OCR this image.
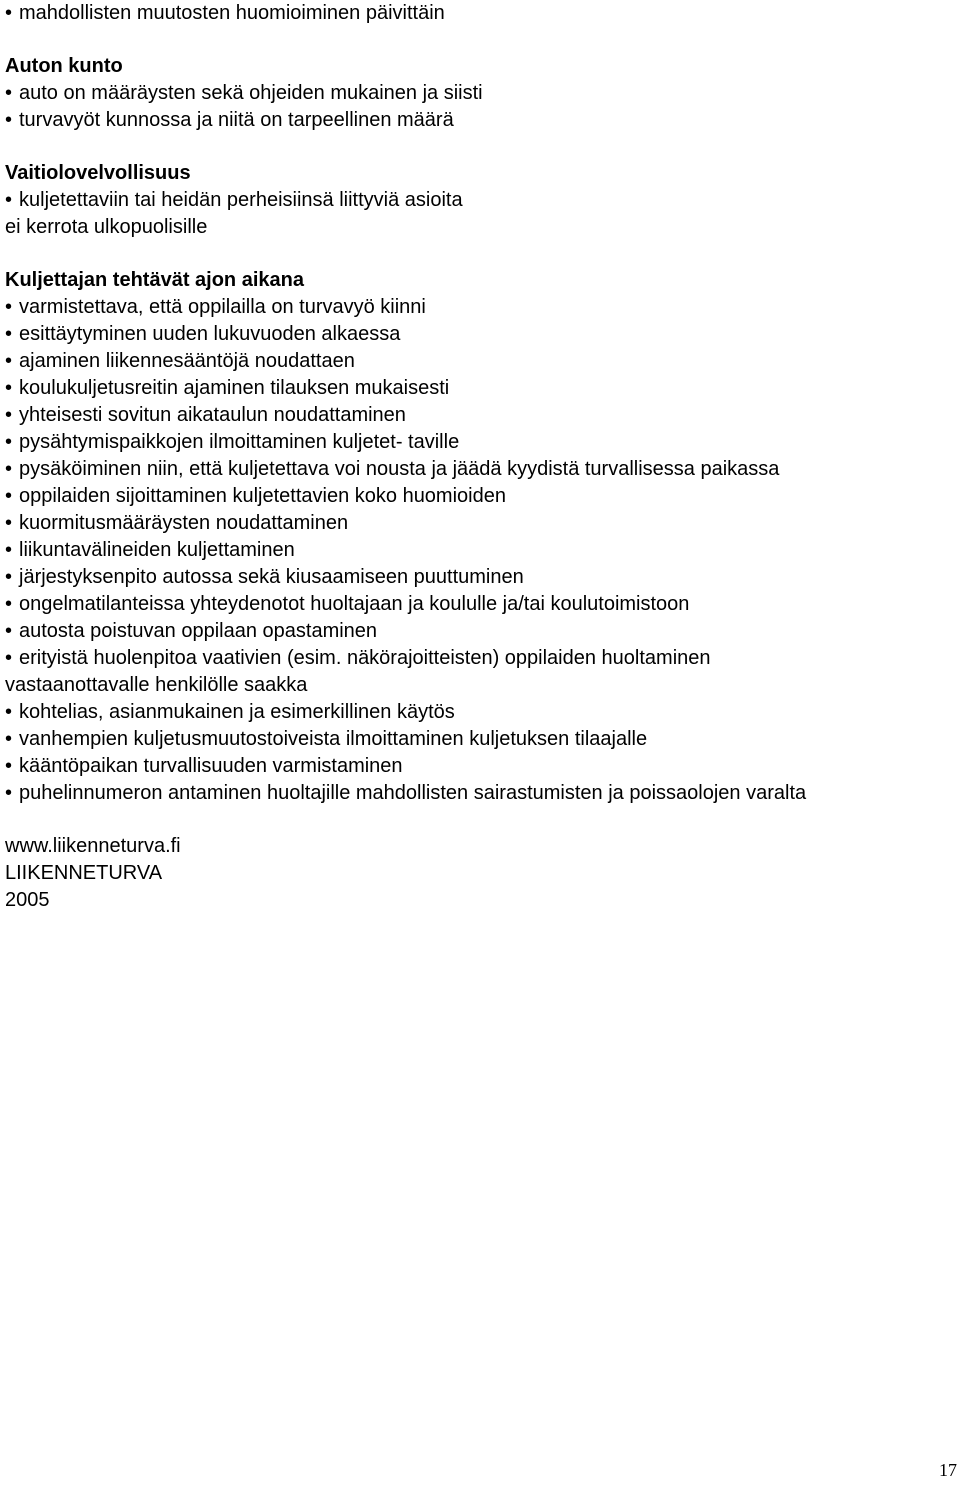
• mahdollisten muutosten huomioiminen päivittäin
Auton kunto
• auto on määräysten sekä ohjeiden mukainen ja siisti
• turvavyöt kunnossa ja niitä on tarpeellinen määrä
Vaitiolovelvollisuus
• kuljetettaviin tai heidän perheisiinsä liittyviä asioita
ei kerrota ulkopuolisille
Kuljettajan tehtävät ajon aikana
• varmistettava, että oppilailla on turvavyö kiinni
• esittäytyminen uuden lukuvuoden alkaessa
• ajaminen liikennesääntöjä noudattaen
• koulukuljetusreitin ajaminen tilauksen mukaisesti
• yhteisesti sovitun aikataulun noudattaminen
• pysähtymispaikkojen ilmoittaminen kuljetet- taville
• pysäköiminen niin, että kuljetettava voi nousta ja jäädä kyydistä turvallisessa paikassa
• oppilaiden sijoittaminen kuljetettavien koko huomioiden
• kuormitusmääräysten noudattaminen
• liikuntavälineiden kuljettaminen
• järjestyksenpito autossa sekä kiusaamiseen puuttuminen
• ongelmatilanteissa yhteydenotot huoltajaan ja koululle ja/tai koulutoimistoon
• autosta poistuvan oppilaan opastaminen
• erityistä huolenpitoa vaativien (esim. näkörajoitteisten) oppilaiden huoltaminen
vastaanottavalle henkilölle saakka
• kohtelias, asianmukainen ja esimerkillinen käytös
• vanhempien kuljetusmuutostoiveista ilmoittaminen kuljetuksen tilaajalle
• kääntöpaikan turvallisuuden varmistaminen
• puhelinnumeron antaminen huoltajille mahdollisten sairastumisten ja poissaolojen varalta
www.liikenneturva.fi
LIIKENNETURVA
2005
17
